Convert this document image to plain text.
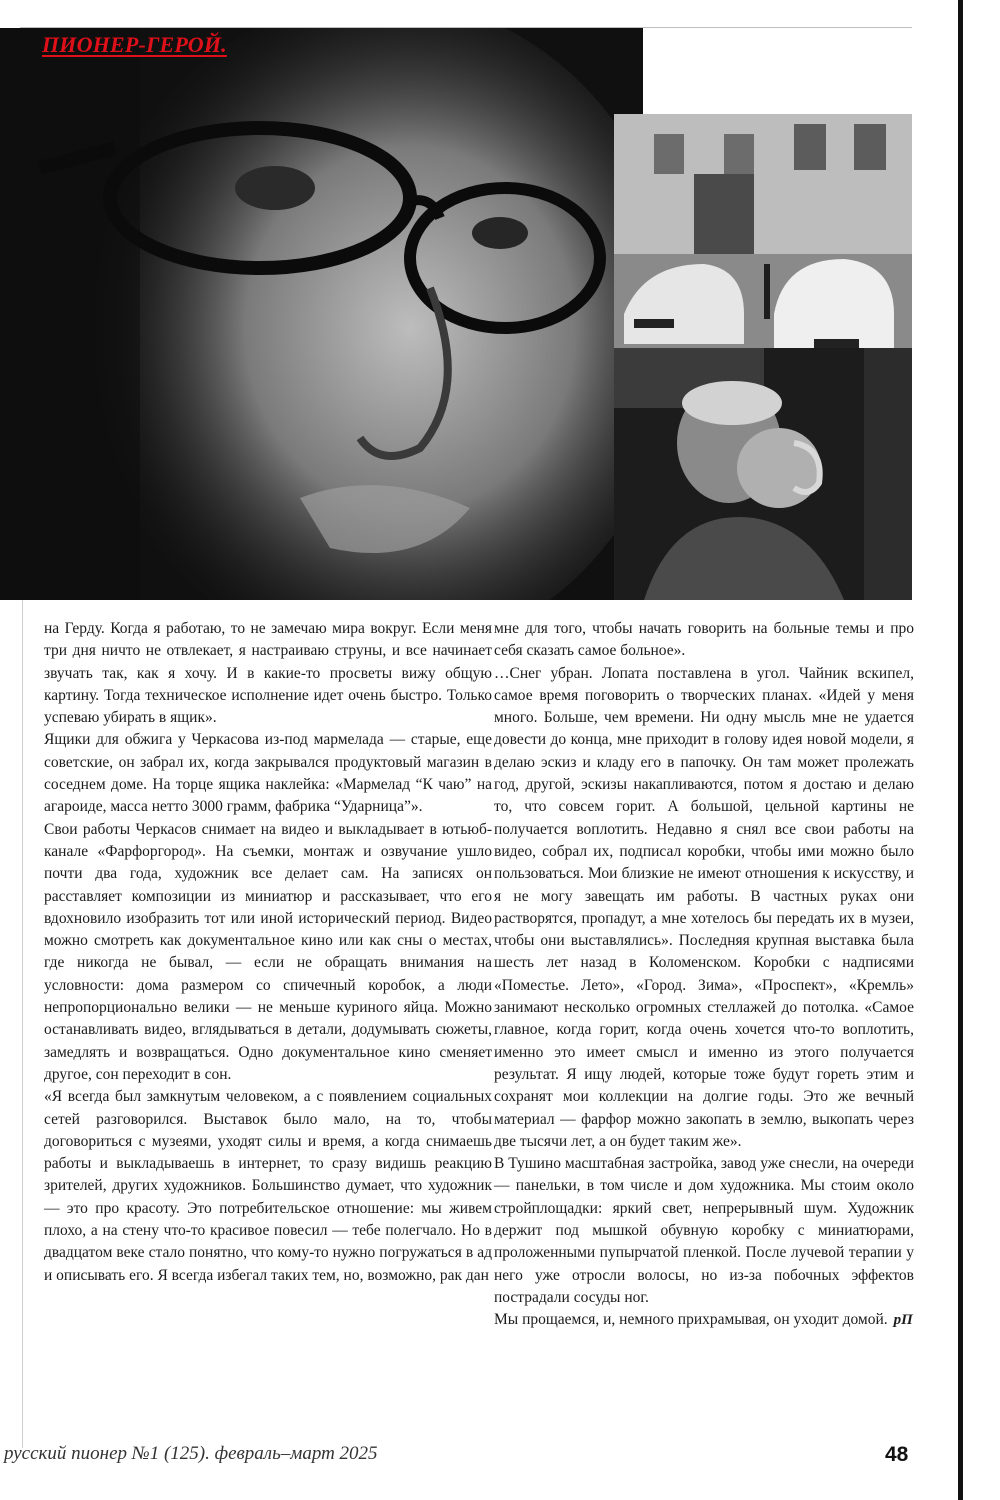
ПИОНЕР-ГЕРОЙ.

на Герду. Когда я работаю, то не замечаю мира вокруг. Если меня три дня ничто не отвлекает, я настраиваю струны, и все начинает звучать так, как я хочу. И в какие-то просветы вижу общую картину. Тогда техническое исполнение идет очень быстро. Только успеваю убирать в ящик».

Ящики для обжига у Черкасова из-под мармелада — старые, еще советские, он забрал их, когда закрывался продуктовый магазин в соседнем доме. На торце ящика наклейка: «Мармелад “К чаю” на агароиде, масса нетто 3000 грамм, фабрика “Ударница”».

Свои работы Черкасов снимает на видео и выкладывает в ютьюб-канале «Фарфоргород». На съемки, монтаж и озвучание ушло почти два года, художник все делает сам. На записях он расставляет композиции из миниатюр и рассказывает, что его вдохновило изобразить тот или иной исторический период. Видео можно смотреть как документальное кино или как сны о местах, где никогда не бывал, — если не обращать внимания на условности: дома размером со спичечный коробок, а люди непропорционально велики — не меньше куриного яйца. Можно останавливать видео, вглядываться в детали, додумывать сюжеты, замедлять и возвращаться. Одно документальное кино сменяет другое, сон переходит в сон.

«Я всегда был замкнутым человеком, а с появлением социальных сетей разговорился. Выставок было мало, на то, чтобы договориться с музеями, уходят силы и время, а когда снимаешь работы и выкладываешь в интернет, то сразу видишь реакцию зрителей, других художников. Большинство думает, что художник — это про красоту. Это потребительское отношение: мы живем плохо, а на стену что-то красивое повесил — тебе полегчало. Но в двадцатом веке стало понятно, что кому-то нужно погружаться в ад и описывать его. Я всегда избегал таких тем, но, возможно, рак дан

мне для того, чтобы начать говорить на больные темы и про себя сказать самое больное».

…Снег убран. Лопата поставлена в угол. Чайник вскипел, самое время поговорить о творческих планах. «Идей у меня много. Больше, чем времени. Ни одну мысль мне не удается довести до конца, мне приходит в голову идея новой модели, я делаю эскиз и кладу его в папочку. Он там может пролежать год, другой, эскизы накапливаются, потом я достаю и делаю то, что совсем горит. А большой, цельной картины не получается воплотить. Недавно я снял все свои работы на видео, собрал их, подписал коробки, чтобы ими можно было пользоваться. Мои близкие не имеют отношения к искусству, и я не могу завещать им работы. В частных руках они растворятся, пропадут, а мне хотелось бы передать их в музеи, чтобы они выставлялись». Последняя крупная выставка была шесть лет назад в Коломенском. Коробки с надписями «Поместье. Лето», «Город. Зима», «Проспект», «Кремль» занимают несколько огромных стеллажей до потолка. «Самое главное, когда горит, когда очень хочется что-то воплотить, именно это имеет смысл и именно из этого получается результат. Я ищу людей, которые тоже будут гореть этим и сохранят мои коллекции на долгие годы. Это же вечный материал — фарфор можно закопать в землю, выкопать через две тысячи лет, а он будет таким же».

В Тушино масштабная застройка, завод уже снесли, на очереди — панельки, в том числе и дом художника. Мы стоим около стройплощадки: яркий свет, непрерывный шум. Художник держит под мышкой обувную коробку с миниатюрами, проложенными пупырчатой пленкой. После лучевой терапии у него уже отросли волосы, но из-за побочных эффектов пострадали сосуды ног.

Мы прощаемся, и, немного прихрамывая, он уходит домой. рП

русский пионер №1 (125). февраль–март 2025	48
